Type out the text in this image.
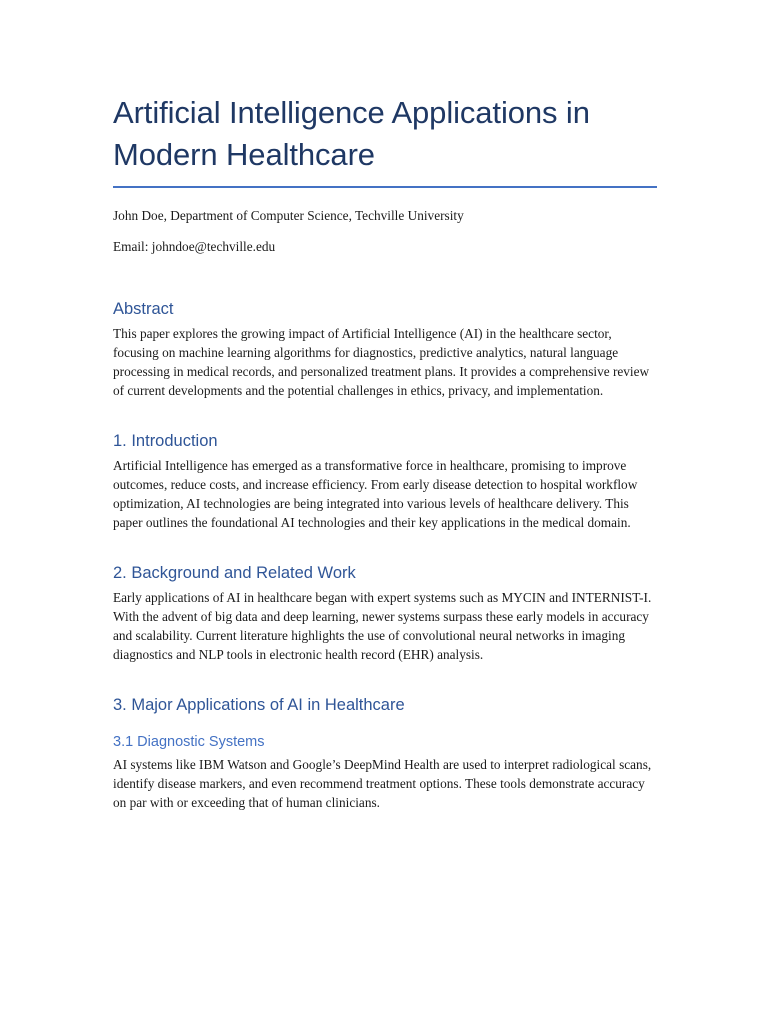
Artificial Intelligence Applications in Modern Healthcare

John Doe, Department of Computer Science, Techville University

Email: johndoe@techville.edu

Abstract

This paper explores the growing impact of Artificial Intelligence (AI) in the healthcare sector, focusing on machine learning algorithms for diagnostics, predictive analytics, natural language processing in medical records, and personalized treatment plans. It provides a comprehensive review of current developments and the potential challenges in ethics, privacy, and implementation.

1. Introduction

Artificial Intelligence has emerged as a transformative force in healthcare, promising to improve outcomes, reduce costs, and increase efficiency. From early disease detection to hospital workflow optimization, AI technologies are being integrated into various levels of healthcare delivery. This paper outlines the foundational AI technologies and their key applications in the medical domain.

2. Background and Related Work

Early applications of AI in healthcare began with expert systems such as MYCIN and INTERNIST-I. With the advent of big data and deep learning, newer systems surpass these early models in accuracy and scalability. Current literature highlights the use of convolutional neural networks in imaging diagnostics and NLP tools in electronic health record (EHR) analysis.

3. Major Applications of AI in Healthcare
3.1 Diagnostic Systems

AI systems like IBM Watson and Google’s DeepMind Health are used to interpret radiological scans, identify disease markers, and even recommend treatment options. These tools demonstrate accuracy on par with or exceeding that of human clinicians.
